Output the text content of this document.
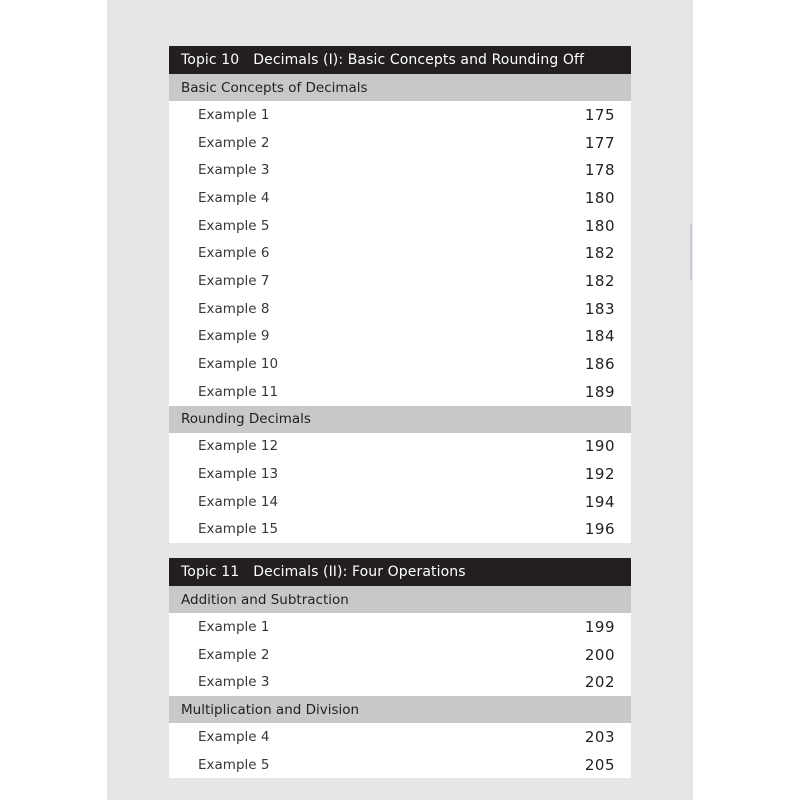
Topic 10 Decimals (I): Basic Concepts and Rounding Off
Basic Concepts of Decimals
Example 1	175
Example 2	177
Example 3	178
Example 4	180
Example 5	180
Example 6	182
Example 7	182
Example 8	183
Example 9	184
Example 10	186
Example 11	189
Rounding Decimals
Example 12	190
Example 13	192
Example 14	194
Example 15	196
Topic 11 Decimals (II): Four Operations
Addition and Subtraction
Example 1	199
Example 2	200
Example 3	202
Multiplication and Division
Example 4	203
Example 5	205
